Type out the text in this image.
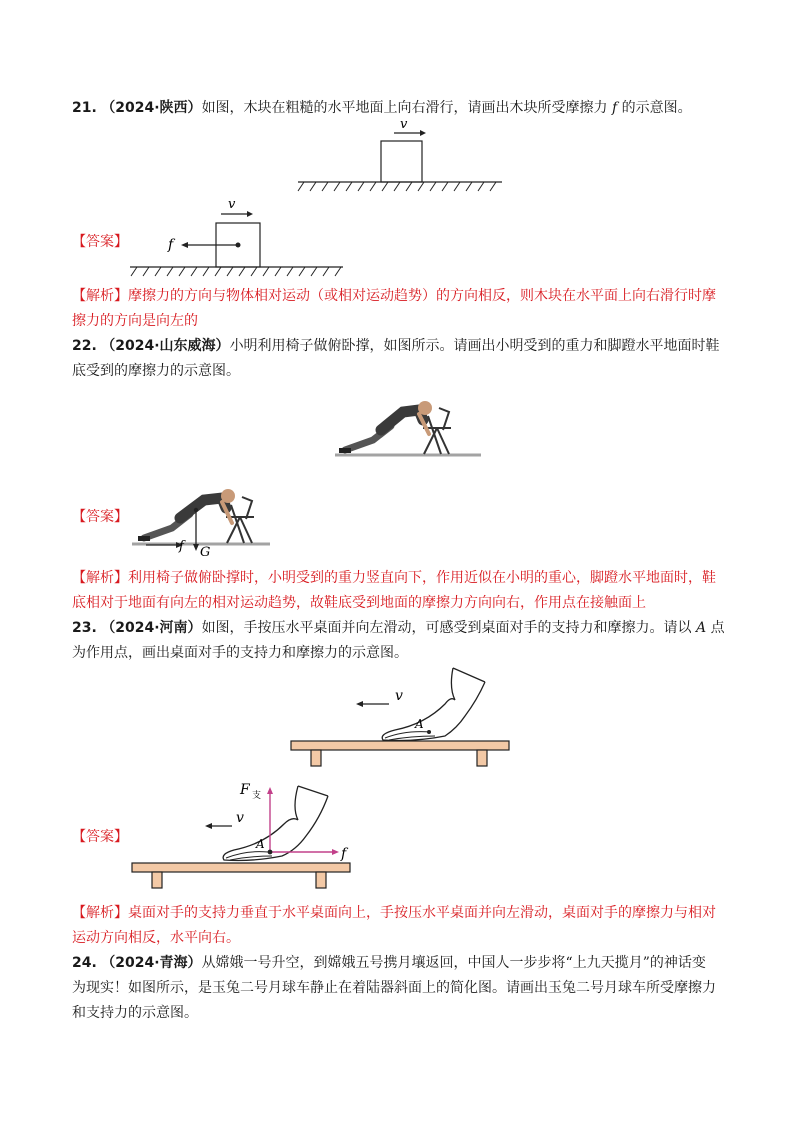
21. （2024·陕西）如图，木块在粗糙的水平地面上向右滑行，请画出木块所受摩擦力 f 的示意图。
v
【答案】
v
f
【解析】摩擦力的方向与物体相对运动（或相对运动趋势）的方向相反，则木块在水平面上向右滑行时摩
擦力的方向是向左的
22. （2024·山东威海）小明利用椅子做俯卧撑，如图所示。请画出小明受到的重力和脚蹬水平地面时鞋
底受到的摩擦力的示意图。
【答案】
G
f
【解析】利用椅子做俯卧撑时，小明受到的重力竖直向下，作用近似在小明的重心，脚蹬水平地面时，鞋
底相对于地面有向左的相对运动趋势，故鞋底受到地面的摩擦力方向向右，作用点在接触面上
23. （2024·河南）如图，手按压水平桌面并向左滑动，可感受到桌面对手的支持力和摩擦力。请以 A 点
为作用点，画出桌面对手的支持力和摩擦力的示意图。
v
A
【答案】
F 支
v
A
f
【解析】桌面对手的支持力垂直于水平桌面向上，手按压水平桌面并向左滑动，桌面对手的摩擦力与相对
运动方向相反，水平向右。
24. （2024·青海）从嫦娥一号升空，到嫦娥五号携月壤返回，中国人一步步将“上九天揽月”的神话变
为现实！如图所示，是玉兔二号月球车静止在着陆器斜面上的简化图。请画出玉兔二号月球车所受摩擦力
和支持力的示意图。
